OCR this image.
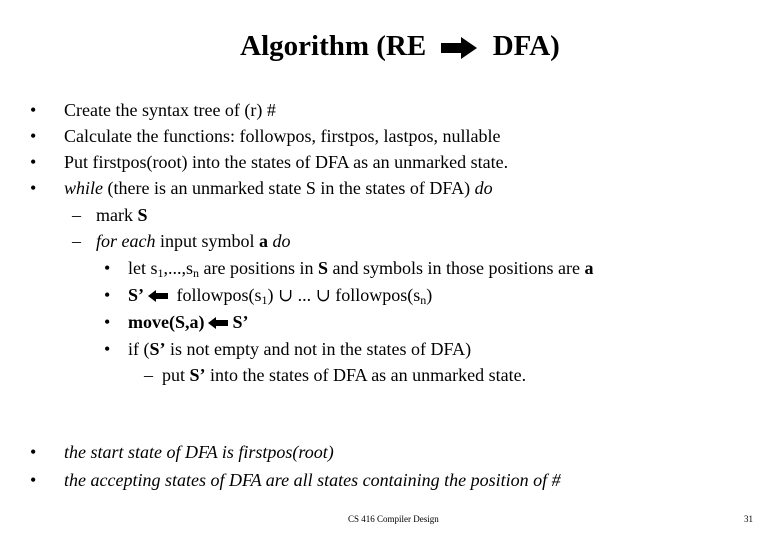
Algorithm (RE DFA)
• Create the syntax tree of (r) #
• Calculate the functions: followpos, firstpos, lastpos, nullable
• Put firstpos(root) into the states of DFA as an unmarked state.
• while (there is an unmarked state S in the states of DFA) do
– mark S
– for each input symbol a do
• let $s_1,...,s_n$ are positions in S and symbols in those positions are a
• S’ $followpos(s_1)$ ∪ ... ∪ $followpos(s_n)$
• move(S,a) S’
• if (S’ is not empty and not in the states of DFA)
– put S’ into the states of DFA as an unmarked state.
• the start state of DFA is firstpos(root)
• the accepting states of DFA are all states containing the position of #
CS 416 Compiler Design	31
